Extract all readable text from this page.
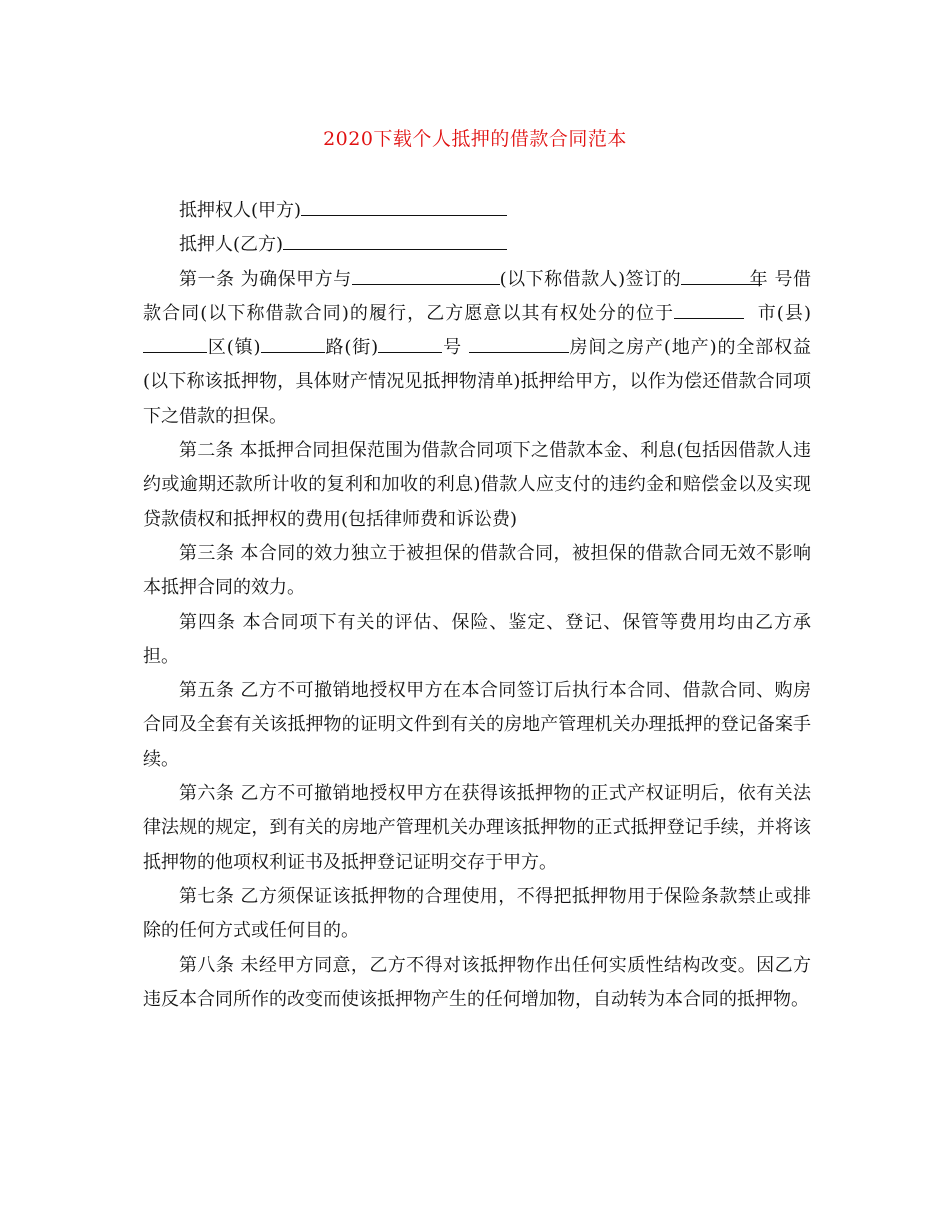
2020下载个人抵押的借款合同范本

抵押权人(甲方)

抵押人(乙方)

第一条 为确保甲方与	(以下称借款人)签订的	年 号借款合同(以下称借款合同)的履行，乙方愿意以其有权处分的位于	市(县)区(镇)	路(街)	号	房间之房产(地产)的全部权益(以下称该抵押物，具体财产情况见抵押物清单)抵押给甲方，以作为偿还借款合同项下之借款的担保。

第二条 本抵押合同担保范围为借款合同项下之借款本金、利息(包括因借款人违约或逾期还款所计收的复利和加收的利息)借款人应支付的违约金和赔偿金以及实现贷款债权和抵押权的费用(包括律师费和诉讼费)

第三条 本合同的效力独立于被担保的借款合同，被担保的借款合同无效不影响本抵押合同的效力。

第四条 本合同项下有关的评估、保险、鉴定、登记、保管等费用均由乙方承担。

第五条 乙方不可撤销地授权甲方在本合同签订后执行本合同、借款合同、购房合同及全套有关该抵押物的证明文件到有关的房地产管理机关办理抵押的登记备案手续。

第六条 乙方不可撤销地授权甲方在获得该抵押物的正式产权证明后，依有关法律法规的规定，到有关的房地产管理机关办理该抵押物的正式抵押登记手续，并将该抵押物的他项权利证书及抵押登记证明交存于甲方。

第七条 乙方须保证该抵押物的合理使用，不得把抵押物用于保险条款禁止或排除的任何方式或任何目的。

第八条 未经甲方同意，乙方不得对该抵押物作出任何实质性结构改变。因乙方违反本合同所作的改变而使该抵押物产生的任何增加物，自动转为本合同的抵押物。
